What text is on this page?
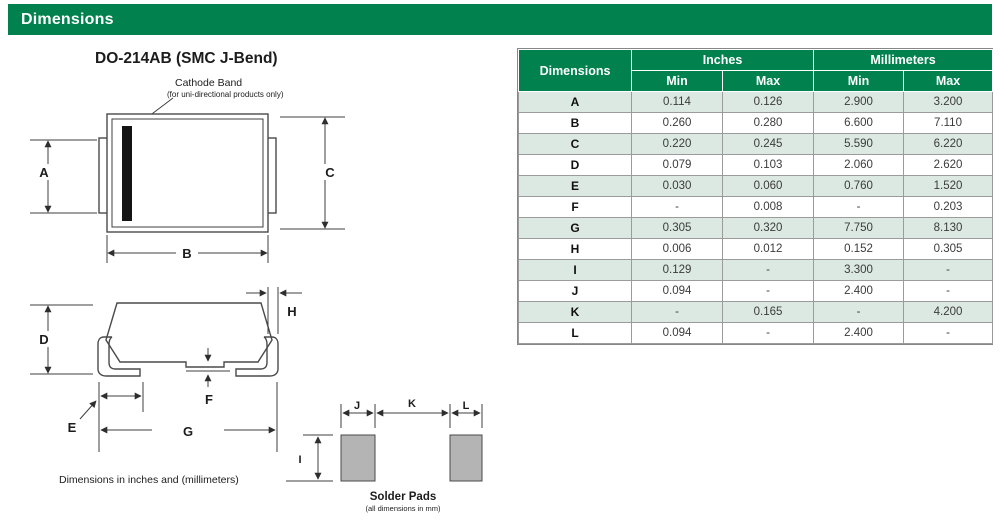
Dimensions
DO-214AB (SMC J-Bend)
Cathode Band
(for uni-directional products only)
A	C
B
D
H
F
E	G
J	K	L
I
Solder Pads
(all dimensions in mm)
Dimensions in inches and (millimeters)
Dimensions	Inches		Millimeters	
	Min	Max	Min	Max
A	0.114	0.126	2.900	3.200
B	0.260	0.280	6.600	7.110
C	0.220	0.245	5.590	6.220
D	0.079	0.103	2.060	2.620
E	0.030	0.060	0.760	1.520
F	-	0.008	-	0.203
G	0.305	0.320	7.750	8.130
H	0.006	0.012	0.152	0.305
I	0.129	-	3.300	-
J	0.094	-	2.400	-
K	-	0.165	-	4.200
L	0.094	-	2.400	-
